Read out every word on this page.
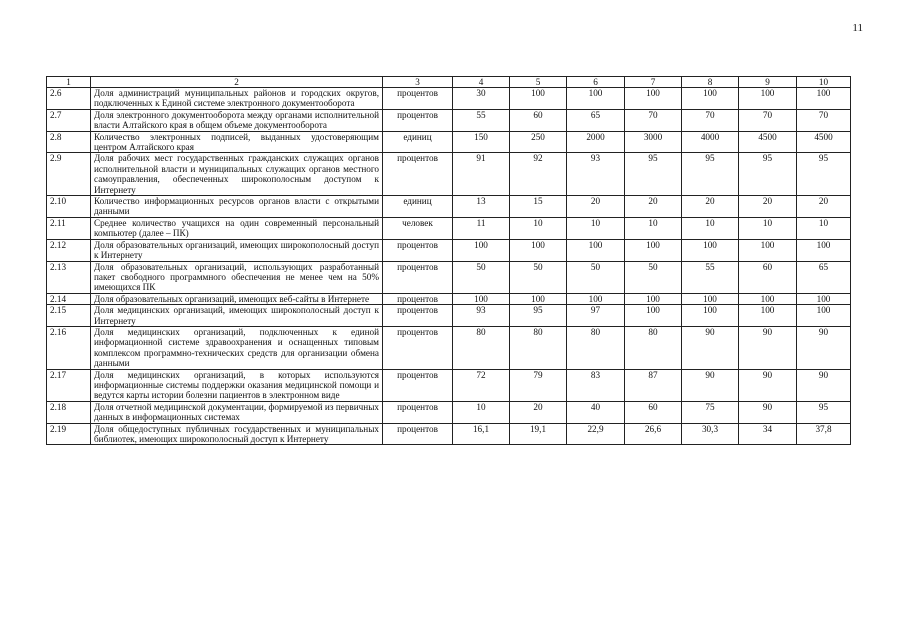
11
1	2	3	4	5	6	7	8	9	10
2.6	Доля администраций муниципальных районов и городских округов, подключенных к Единой системе электронного документооборота	процентов	30	100	100	100	100	100	100
2.7	Доля электронного документооборота между органами исполнительной власти Алтайского края в общем объеме документооборота	процентов	55	60	65	70	70	70	70
2.8	Количество электронных подписей, выданных удостоверяющим центром Алтайского края	единиц	150	250	2000	3000	4000	4500	4500
2.9	Доля рабочих мест государственных гражданских служащих органов исполнительной власти и муниципальных служащих органов местного самоуправления, обеспеченных широкополосным доступом к Интернету	процентов	91	92	93	95	95	95	95
2.10	Количество информационных ресурсов органов власти с открытыми данными	единиц	13	15	20	20	20	20	20
2.11	Среднее количество учащихся на один современный персональный компьютер (далее – ПК)	человек	11	10	10	10	10	10	10
2.12	Доля образовательных организаций, имеющих широкополосный доступ к Интернету	процентов	100	100	100	100	100	100	100
2.13	Доля образовательных организаций, использующих разработанный пакет свободного программного обеспечения не менее чем на 50% имеющихся ПК	процентов	50	50	50	50	55	60	65
2.14	Доля образовательных организаций, имеющих веб-сайты в Интернете	процентов	100	100	100	100	100	100	100
2.15	Доля медицинских организаций, имеющих широкополосный доступ к Интернету	процентов	93	95	97	100	100	100	100
2.16	Доля медицинских организаций, подключенных к единой информационной системе здравоохранения и оснащенных типовым комплексом программно-технических средств для организации обмена данными	процентов	80	80	80	80	90	90	90
2.17	Доля медицинских организаций, в которых используются информационные системы поддержки оказания медицинской помощи и ведутся карты истории болезни пациентов в электронном виде	процентов	72	79	83	87	90	90	90
2.18	Доля отчетной медицинской документации, формируемой из первичных данных в информационных системах	процентов	10	20	40	60	75	90	95
2.19	Доля общедоступных публичных государственных и муниципальных библиотек, имеющих широкополосный доступ к Интернету	процентов	16,1	19,1	22,9	26,6	30,3	34	37,8
